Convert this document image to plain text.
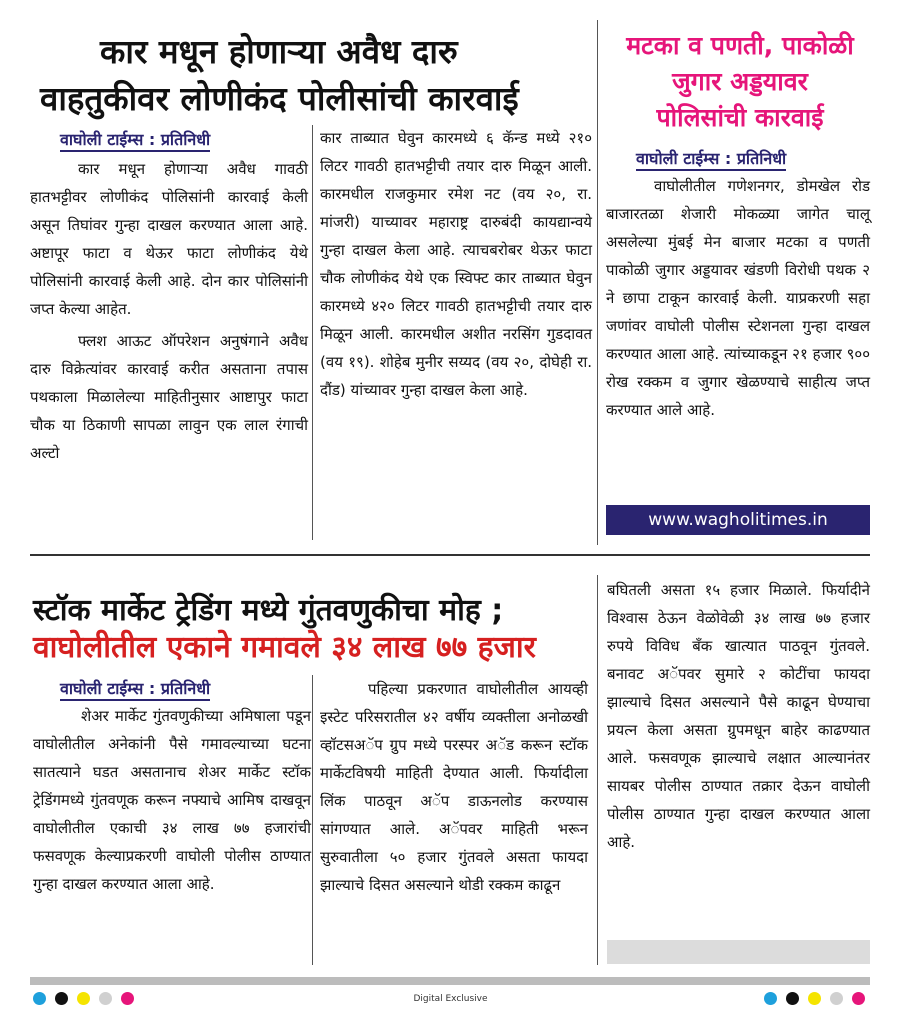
कार मधून होणाऱ्या अवैध दारु
वाहतुकीवर लोणीकंद पोलीसांची कारवाई
वाघोली टाईम्स : प्रतिनिधी

कार मधून होणाऱ्या अवैध गावठी हातभट्टीवर लोणीकंद पोलिसांनी कारवाई केली असून तिघांवर गुन्हा दाखल करण्यात आला आहे. अष्टापूर फाटा व थेऊर फाटा लोणीकंद येथे पोलिसांनी कारवाई केली आहे. दोन कार पोलिसांनी जप्त केल्या आहेत.

फ्लश आऊट ऑपरेशन अनुषंगाने अवैध दारु विक्रेत्यांवर कारवाई करीत असताना तपास पथकाला मिळालेल्या माहितीनुसार आष्टापुर फाटा चौक या ठिकाणी सापळा लावुन एक लाल रंगाची अल्टो

कार ताब्यात घेवुन कारमध्ये ६ कॅन्ड मध्ये २१० लिटर गावठी हातभट्टीची तयार दारु मिळून आली. कारमधील राजकुमार रमेश नट (वय २०, रा. मांजरी) याच्यावर महाराष्ट्र दारुबंदी कायद्यान्वये गुन्हा दाखल केला आहे. त्याचबरोबर थेऊर फाटा चौक लोणीकंद येथे एक स्विफ्ट कार ताब्यात घेवुन कारमध्ये ४२० लिटर गावठी हातभट्टीची तयार दारु मिळून आली. कारमधील अशीत नरसिंग गुडदावत (वय १९). शोहेब मुनीर सय्यद (वय २०, दोघेही रा. दौंड) यांच्यावर गुन्हा दाखल केला आहे.

मटका व पणती, पाकोळी
जुगार अड्डयावर
पोलिसांची कारवाई
वाघोली टाईम्स : प्रतिनिधी

वाघोलीतील गणेशनगर, डोमखेल रोड बाजारतळा शेजारी मोकळ्या जागेत चालू असलेल्या मुंबई मेन बाजार मटका व पणती पाकोळी जुगार अड्डयावर खंडणी विरोधी पथक २ ने छापा टाकून कारवाई केली. याप्रकरणी सहा जणांवर वाघोली पोलीस स्टेशनला गुन्हा दाखल करण्यात आला आहे. त्यांच्याकडून २१ हजार ९०० रोख रक्कम व जुगार खेळण्याचे साहीत्य जप्त करण्यात आले आहे.

www.wagholitimes.in
स्टॉक मार्केट ट्रेडिंग मध्ये गुंतवणुकीचा मोह ;
वाघोलीतील एकाने गमावले ३४ लाख ७७ हजार
वाघोली टाईम्स : प्रतिनिधी

शेअर मार्केट गुंतवणुकीच्या अमिषाला पडून वाघोलीतील अनेकांनी पैसे गमावल्याच्या घटना सातत्याने घडत असतानाच शेअर मार्केट स्टॉक ट्रेडिंगमध्ये गुंतवणूक करून नफ्याचे आमिष दाखवून वाघोलीतील एकाची ३४ लाख ७७ हजारांची फसवणूक केल्याप्रकरणी वाघोली पोलीस ठाण्यात गुन्हा दाखल करण्यात आला आहे.

पहिल्या प्रकरणात वाघोलीतील आयव्ही इस्टेट परिसरातील ४२ वर्षीय व्यक्तीला अनोळखी व्हॉटसअॅप ग्रुप मध्ये परस्पर अॅड करून स्टॉक मार्केटविषयी माहिती देण्यात आली. फिर्यादीला लिंक पाठवून अॅप डाऊनलोड करण्यास सांगण्यात आले. अॅपवर माहिती भरून सुरुवातीला ५० हजार गुंतवले असता फायदा झाल्याचे दिसत असल्याने थोडी रक्कम काढून

बघितली असता १५ हजार मिळाले. फिर्यादीने विश्वास ठेऊन वेळोवेळी ३४ लाख ७७ हजार रुपये विविध बँक खात्यात पाठवून गुंतवले. बनावट अॅपवर सुमारे २ कोटींचा फायदा झाल्याचे दिसत असल्याने पैसे काढून घेण्याचा प्रयत्न केला असता ग्रुपमधून बाहेर काढण्यात आले. फसवणूक झाल्याचे लक्षात आल्यानंतर सायबर पोलीस ठाण्यात तक्रार देऊन वाघोली पोलीस ठाण्यात गुन्हा दाखल करण्यात आला आहे.

Digital Exclusive
